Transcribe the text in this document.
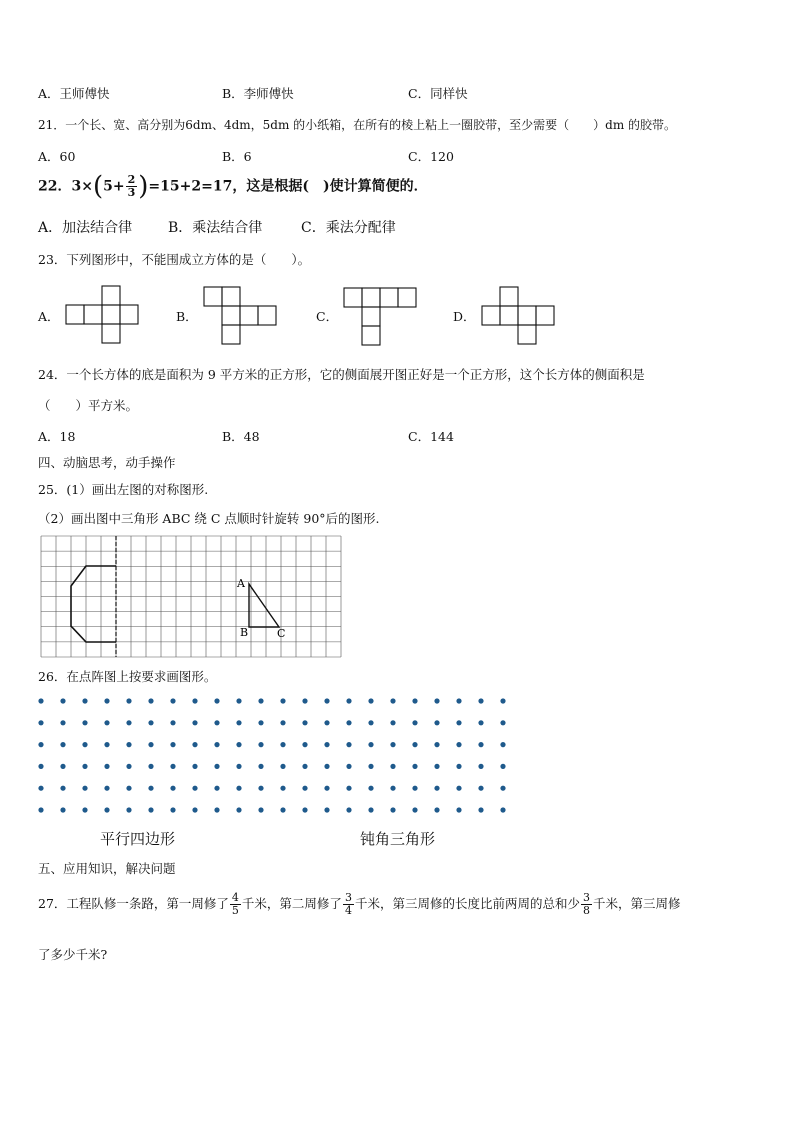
A．王师傅快	B．李师傅快	C．同样快
21．一个长、宽、高分别为6dm、4dm，5dm 的小纸箱，在所有的棱上粘上一圈胶带，至少需要（　　）dm 的胶带。
A．60	B．6	C．120
22．$3\times(5+ \frac{2}{3} )=15+2=17$，这是根据(　)使计算简便的．
A．加法结合律	B．乘法结合律	C．乘法分配律
23．下列图形中，不能围成立方体的是（　　）。
A．	B．	C．	D．
24．一个长方体的底是面积为 9 平方米的正方形，它的侧面展开图正好是一个正方形，这个长方体的侧面积是
（　　）平方米。
A．18	B．48	C．144
四、动脑思考，动手操作
25．(1）画出左图的对称图形.
（2）画出图中三角形 ABC 绕 C 点顺时针旋转 90°后的图形.
A
B	C
26．在点阵图上按要求画图形。
平行四边形	钝角三角形
五、应用知识，解决问题
27．工程队修一条路，第一周修了 $\frac{4}{5}$ 千米，第二周修了 $\frac{3}{4}$ 千米，第三周修的长度比前两周的总和少 $\frac{3}{8}$ 千米，第三周修
了多少千米?
